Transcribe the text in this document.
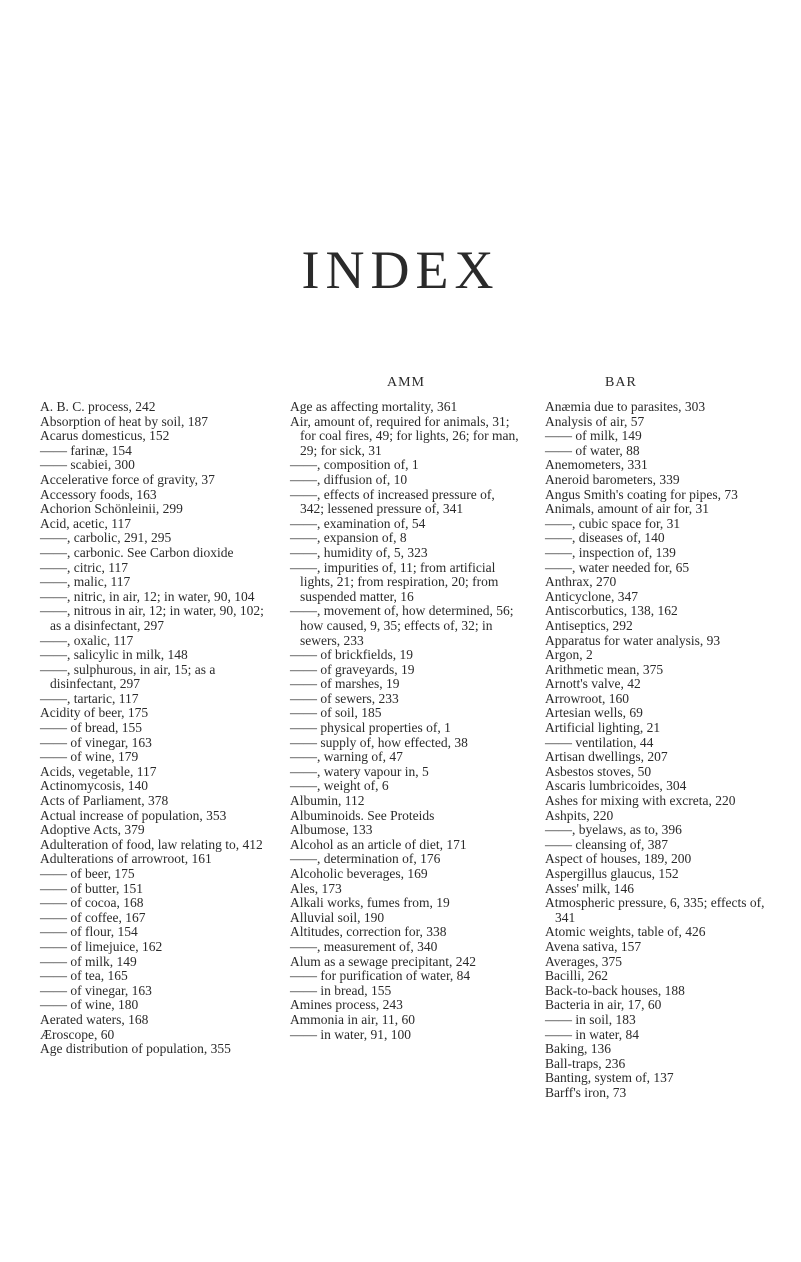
INDEX
AMM	BAR

A. B. C. process, 242

Absorption of heat by soil, 187

Acarus domesticus, 152

—— farinæ, 154

—— scabiei, 300

Accelerative force of gravity, 37

Accessory foods, 163

Achorion Schönleinii, 299

Acid, acetic, 117

——, carbolic, 291, 295

——, carbonic. See Carbon dioxide

——, citric, 117

——, malic, 117

——, nitric, in air, 12; in water, 90, 104

——, nitrous in air, 12; in water, 90, 102; as a disinfectant, 297

——, oxalic, 117

——, salicylic in milk, 148

——, sulphurous, in air, 15; as a disinfectant, 297

——, tartaric, 117

Acidity of beer, 175

—— of bread, 155

—— of vinegar, 163

—— of wine, 179

Acids, vegetable, 117

Actinomycosis, 140

Acts of Parliament, 378

Actual increase of population, 353

Adoptive Acts, 379

Adulteration of food, law relating to, 412

Adulterations of arrowroot, 161

—— of beer, 175

—— of butter, 151

—— of cocoa, 168

—— of coffee, 167

—— of flour, 154

—— of limejuice, 162

—— of milk, 149

—— of tea, 165

—— of vinegar, 163

—— of wine, 180

Aerated waters, 168

Æroscope, 60

Age distribution of population, 355

Age as affecting mortality, 361

Air, amount of, required for animals, 31; for coal fires, 49; for lights, 26; for man, 29; for sick, 31

——, composition of, 1

——, diffusion of, 10

——, effects of increased pressure of, 342; lessened pressure of, 341

——, examination of, 54

——, expansion of, 8

——, humidity of, 5, 323

——, impurities of, 11; from artificial lights, 21; from respiration, 20; from suspended matter, 16

——, movement of, how determined, 56; how caused, 9, 35; effects of, 32; in sewers, 233

—— of brickfields, 19

—— of graveyards, 19

—— of marshes, 19

—— of sewers, 233

—— of soil, 185

—— physical properties of, 1

—— supply of, how effected, 38

——, warning of, 47

——, watery vapour in, 5

——, weight of, 6

Albumin, 112

Albuminoids. See Proteids

Albumose, 133

Alcohol as an article of diet, 171

——, determination of, 176

Alcoholic beverages, 169

Ales, 173

Alkali works, fumes from, 19

Alluvial soil, 190

Altitudes, correction for, 338

——, measurement of, 340

Alum as a sewage precipitant, 242

—— for purification of water, 84

—— in bread, 155

Amines process, 243

Ammonia in air, 11, 60

—— in water, 91, 100

Anæmia due to parasites, 303

Analysis of air, 57

—— of milk, 149

—— of water, 88

Anemometers, 331

Aneroid barometers, 339

Angus Smith's coating for pipes, 73

Animals, amount of air for, 31

——, cubic space for, 31

——, diseases of, 140

——, inspection of, 139

——, water needed for, 65

Anthrax, 270

Anticyclone, 347

Antiscorbutics, 138, 162

Antiseptics, 292

Apparatus for water analysis, 93

Argon, 2

Arithmetic mean, 375

Arnott's valve, 42

Arrowroot, 160

Artesian wells, 69

Artificial lighting, 21

—— ventilation, 44

Artisan dwellings, 207

Asbestos stoves, 50

Ascaris lumbricoides, 304

Ashes for mixing with excreta, 220

Ashpits, 220

——, byelaws, as to, 396

—— cleansing of, 387

Aspect of houses, 189, 200

Aspergillus glaucus, 152

Asses' milk, 146

Atmospheric pressure, 6, 335; effects of, 341

Atomic weights, table of, 426

Avena sativa, 157

Averages, 375

Bacilli, 262

Back-to-back houses, 188

Bacteria in air, 17, 60

—— in soil, 183

—— in water, 84

Baking, 136

Ball-traps, 236

Banting, system of, 137

Barff's iron, 73
